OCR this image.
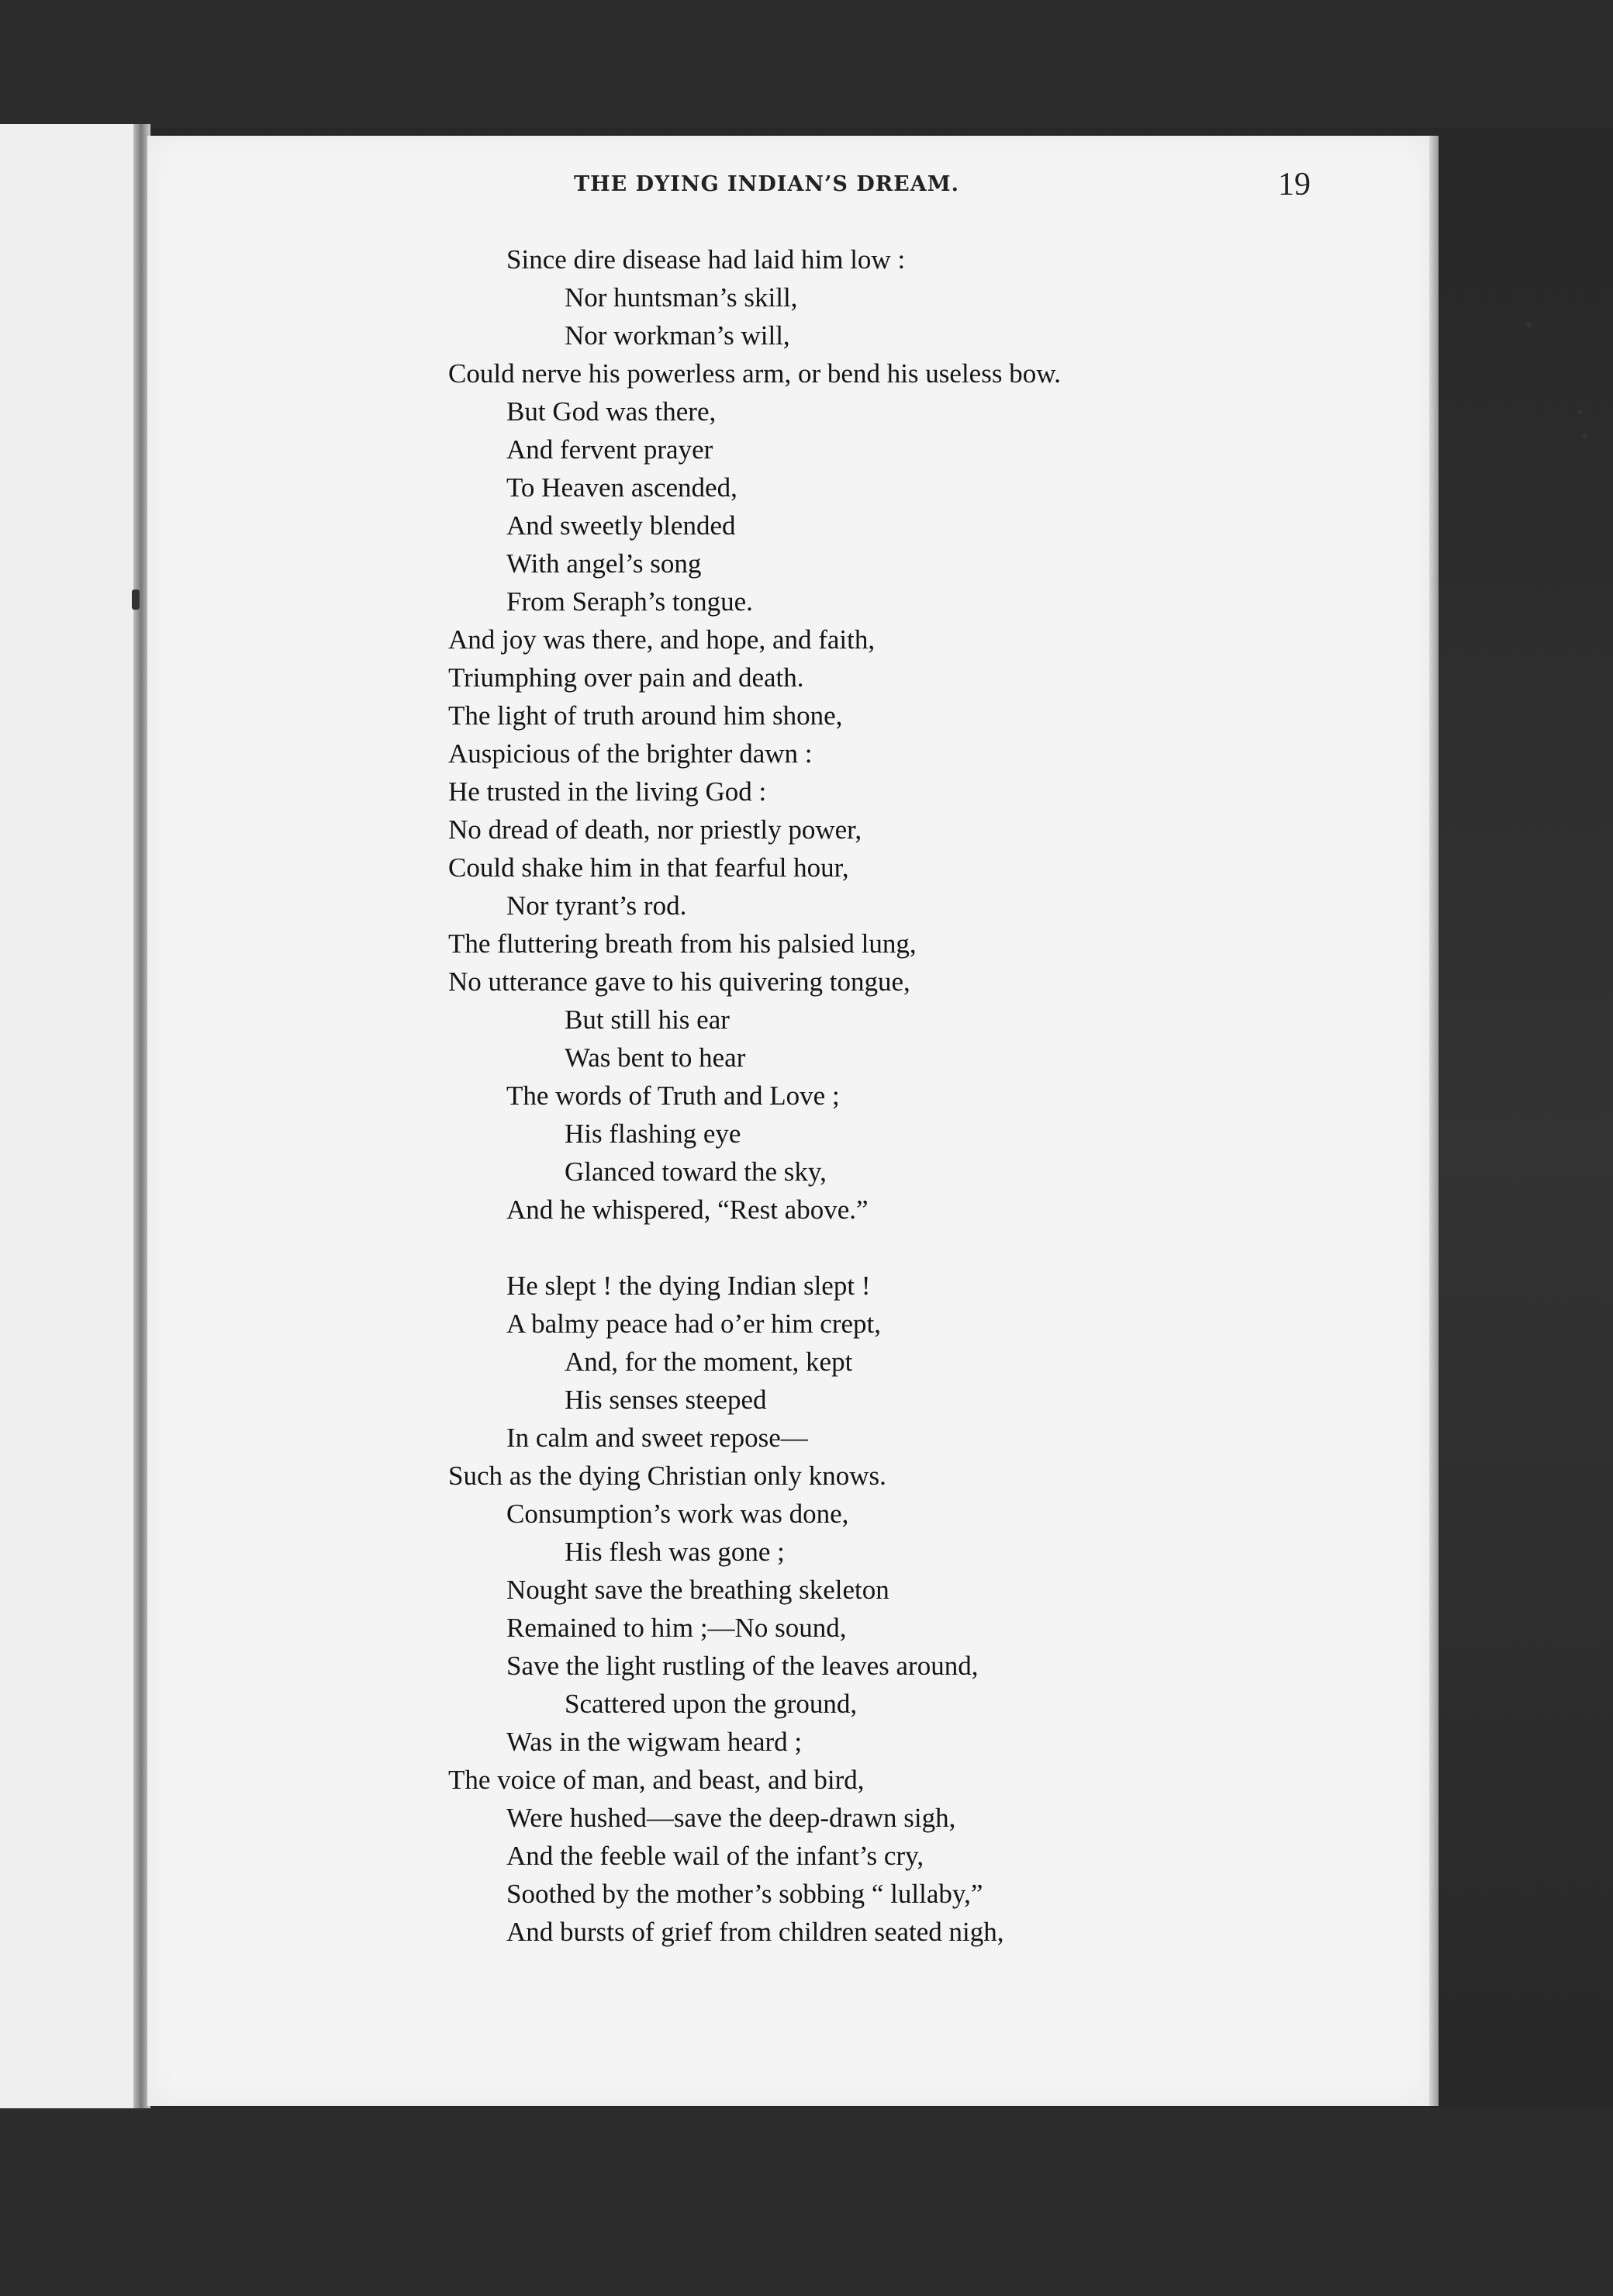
THE DYING INDIAN’S DREAM.	19
Since dire disease had laid him low :
Nor huntsman’s skill,
Nor workman’s will,
Could nerve his powerless arm, or bend his useless bow.
But God was there,
And fervent prayer
To Heaven ascended,
And sweetly blended
With angel’s song
From Seraph’s tongue.
And joy was there, and hope, and faith,
Triumphing over pain and death.
The light of truth around him shone,
Auspicious of the brighter dawn :
He trusted in the living God :
No dread of death, nor priestly power,
Could shake him in that fearful hour,
Nor tyrant’s rod.
The fluttering breath from his palsied lung,
No utterance gave to his quivering tongue,
But still his ear
Was bent to hear
The words of Truth and Love ;
His flashing eye
Glanced toward the sky,
And he whispered, “Rest above.”
He slept ! the dying Indian slept !
A balmy peace had o’er him crept,
And, for the moment, kept
His senses steeped
In calm and sweet repose—
Such as the dying Christian only knows.
Consumption’s work was done,
His flesh was gone ;
Nought save the breathing skeleton
Remained to him ;—No sound,
Save the light rustling of the leaves around,
Scattered upon the ground,
Was in the wigwam heard ;
The voice of man, and beast, and bird,
Were hushed—save the deep-drawn sigh,
And the feeble wail of the infant’s cry,
Soothed by the mother’s sobbing “ lullaby,”
And bursts of grief from children seated nigh,
